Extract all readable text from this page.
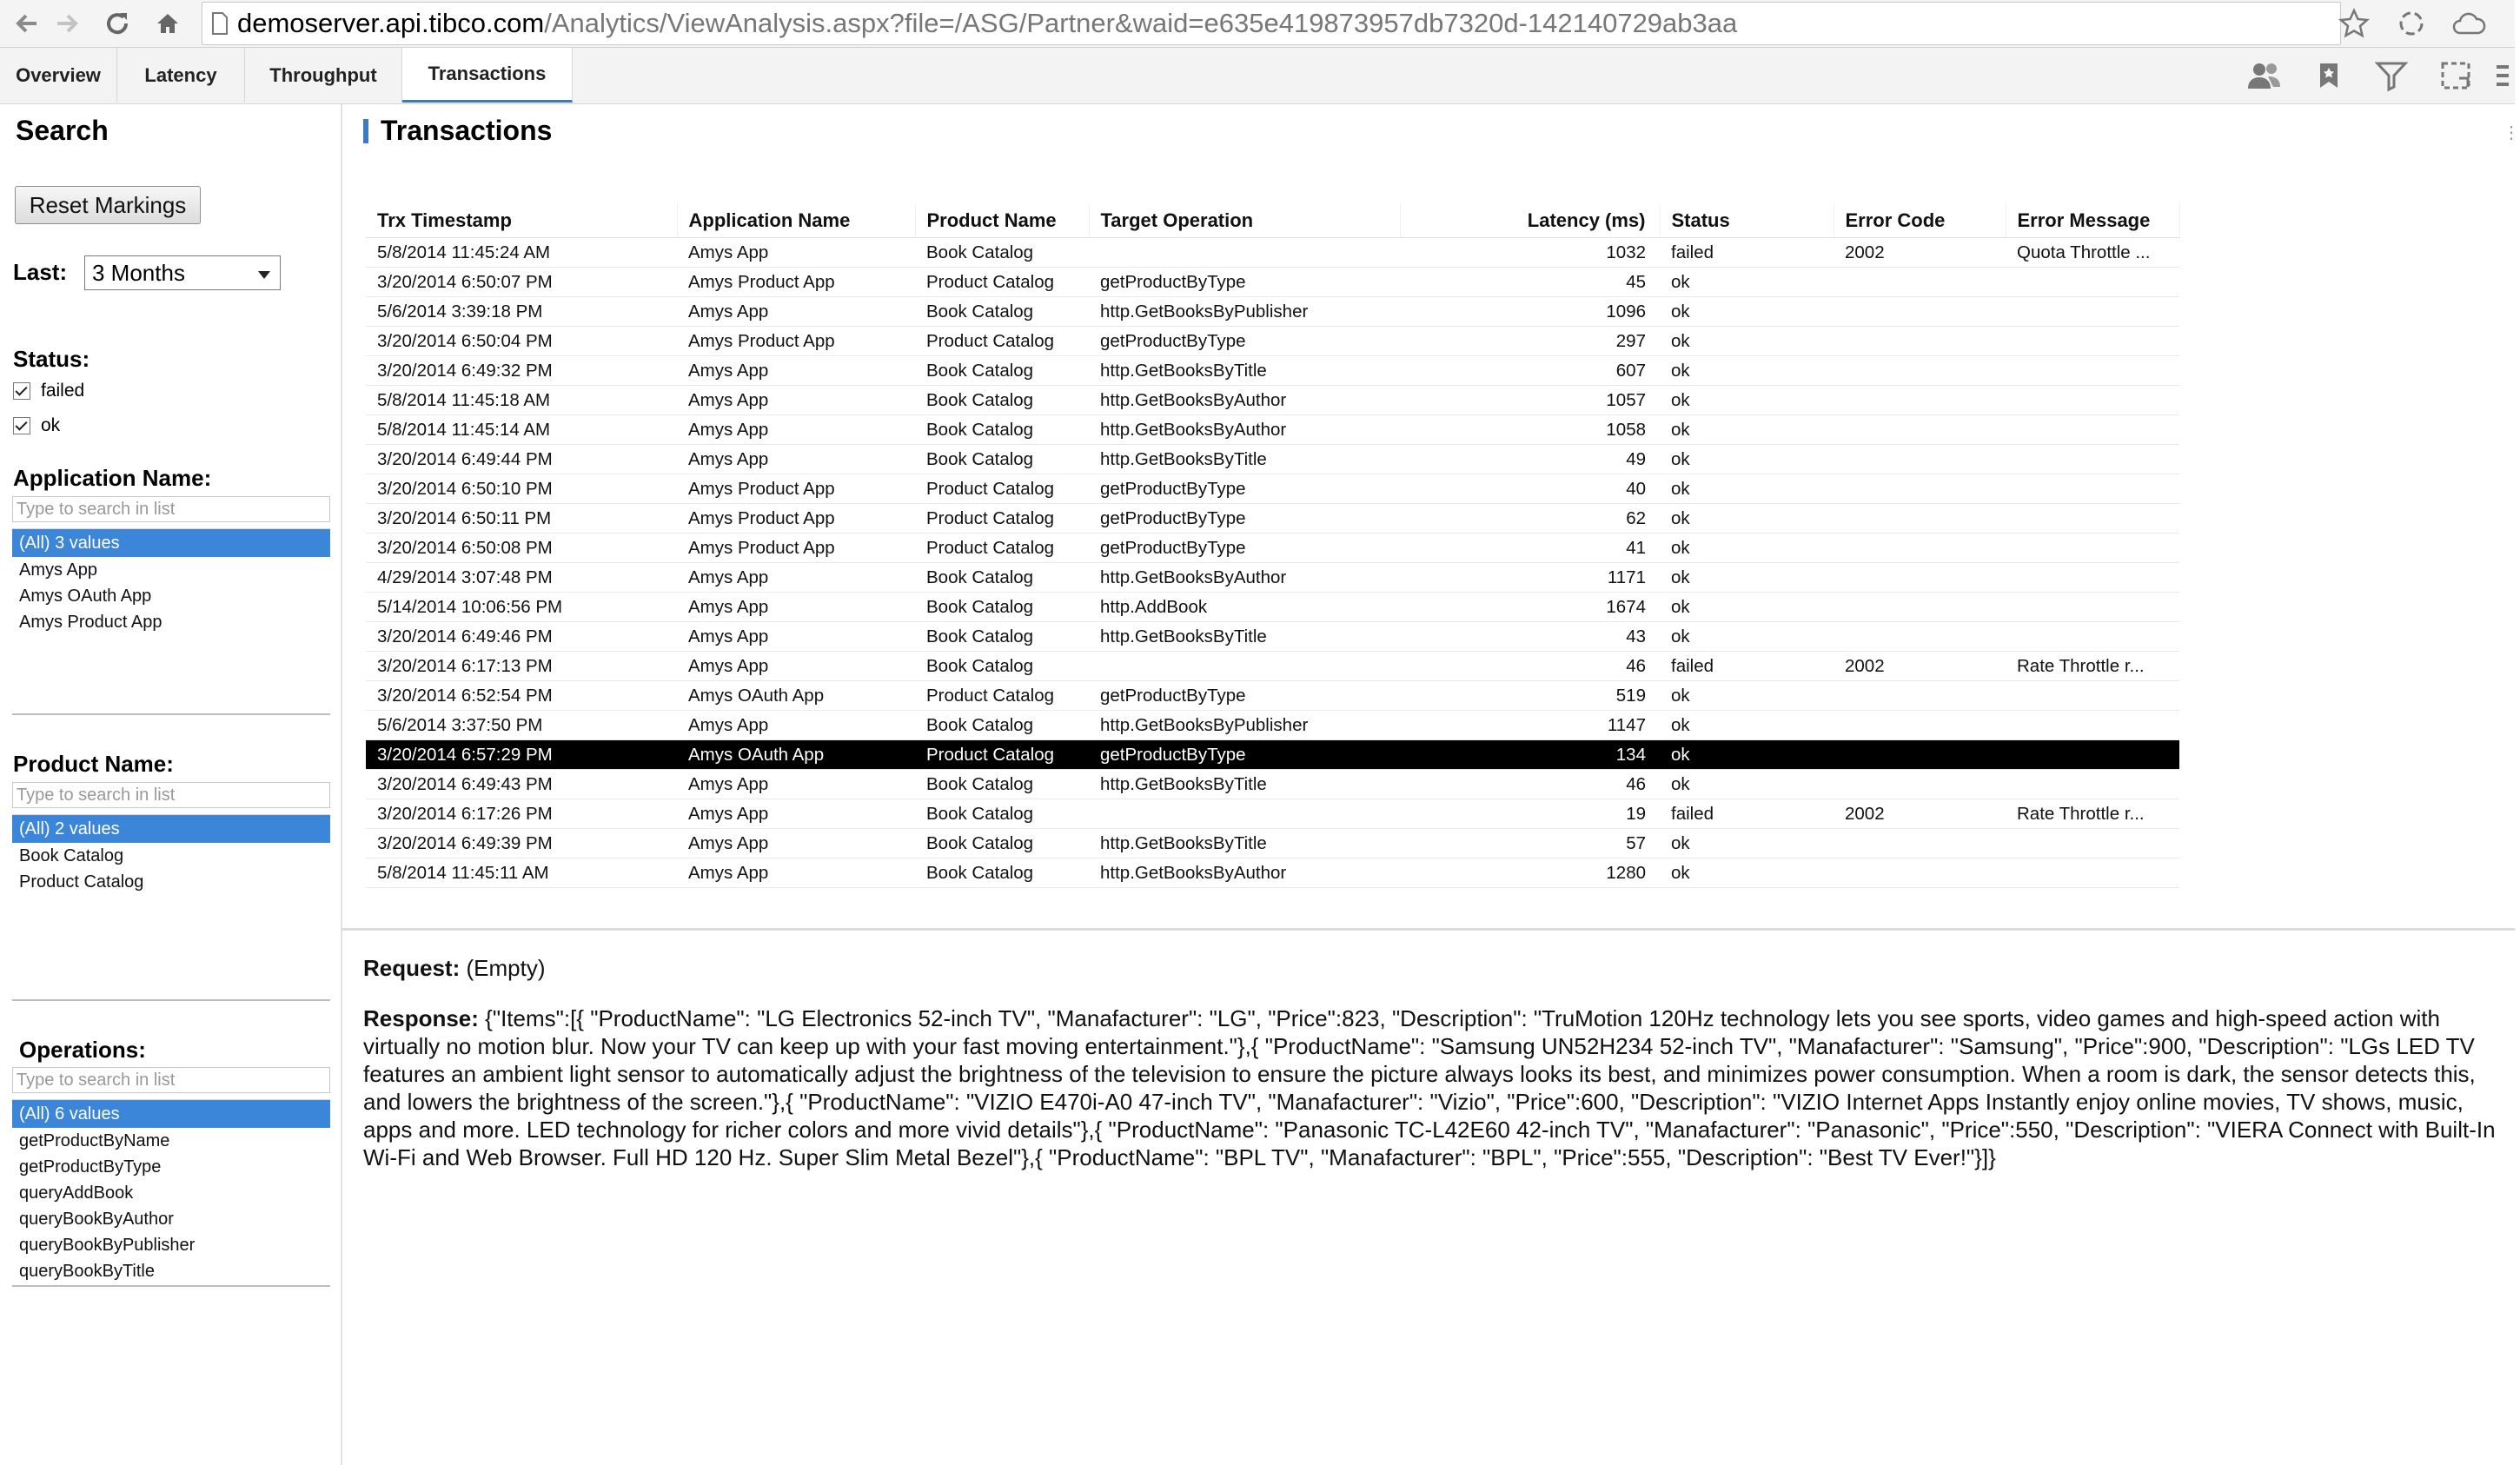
demoserver.api.tibco.com/Analytics/ViewAnalysis.aspx?file=/ASG/Partner&waid=e635e419873957db7320d-142140729ab3aa
Overview	Latency	Throughput	Transactions
Search
Reset Markings
Last: 3 Months
Status:
failed
ok
Application Name:
Type to search in list
(All) 3 values
Amys App
Amys OAuth App
Amys Product App
Product Name:
Type to search in list
(All) 2 values
Book Catalog
Product Catalog
Operations:
Type to search in list
(All) 6 values
getProductByName
getProductByType
queryAddBook
queryBookByAuthor
queryBookByPublisher
queryBookByTitle
Transactions	⋮
Trx Timestamp	Application Name	Product Name	Target Operation	Latency (ms)	Status	Error Code	Error Message
5/8/2014 11:45:24 AM	Amys App	Book Catalog		1032	failed	2002	Quota Throttle ...
3/20/2014 6:50:07 PM	Amys Product App	Product Catalog	getProductByType	45	ok		
5/6/2014 3:39:18 PM	Amys App	Book Catalog	http.GetBooksByPublisher	1096	ok		
3/20/2014 6:50:04 PM	Amys Product App	Product Catalog	getProductByType	297	ok		
3/20/2014 6:49:32 PM	Amys App	Book Catalog	http.GetBooksByTitle	607	ok		
5/8/2014 11:45:18 AM	Amys App	Book Catalog	http.GetBooksByAuthor	1057	ok		
5/8/2014 11:45:14 AM	Amys App	Book Catalog	http.GetBooksByAuthor	1058	ok		
3/20/2014 6:49:44 PM	Amys App	Book Catalog	http.GetBooksByTitle	49	ok		
3/20/2014 6:50:10 PM	Amys Product App	Product Catalog	getProductByType	40	ok		
3/20/2014 6:50:11 PM	Amys Product App	Product Catalog	getProductByType	62	ok		
3/20/2014 6:50:08 PM	Amys Product App	Product Catalog	getProductByType	41	ok		
4/29/2014 3:07:48 PM	Amys App	Book Catalog	http.GetBooksByAuthor	1171	ok		
5/14/2014 10:06:56 PM	Amys App	Book Catalog	http.AddBook	1674	ok		
3/20/2014 6:49:46 PM	Amys App	Book Catalog	http.GetBooksByTitle	43	ok		
3/20/2014 6:17:13 PM	Amys App	Book Catalog		46	failed	2002	Rate Throttle r...
3/20/2014 6:52:54 PM	Amys OAuth App	Product Catalog	getProductByType	519	ok		
5/6/2014 3:37:50 PM	Amys App	Book Catalog	http.GetBooksByPublisher	1147	ok		
3/20/2014 6:57:29 PM	Amys OAuth App	Product Catalog	getProductByType	134	ok		
3/20/2014 6:49:43 PM	Amys App	Book Catalog	http.GetBooksByTitle	46	ok		
3/20/2014 6:17:26 PM	Amys App	Book Catalog		19	failed	2002	Rate Throttle r...
3/20/2014 6:49:39 PM	Amys App	Book Catalog	http.GetBooksByTitle	57	ok		
5/8/2014 11:45:11 AM	Amys App	Book Catalog	http.GetBooksByAuthor	1280	ok		
Request: (Empty)
Response: {"Items":[{ "ProductName": "LG Electronics 52-inch TV", "Manafacturer": "LG", "Price":823, "Description": "TruMotion 120Hz technology lets you see sports, video games and high-speed action with virtually no motion blur. Now your TV can keep up with your fast moving entertainment."},{ "ProductName": "Samsung UN52H234 52-inch TV", "Manafacturer": "Samsung", "Price":900, "Description": "LGs LED TV features an ambient light sensor to automatically adjust the brightness of the television to ensure the picture always looks its best, and minimizes power consumption. When a room is dark, the sensor detects this, and lowers the brightness of the screen."},{ "ProductName": "VIZIO E470i-A0 47-inch TV", "Manafacturer": "Vizio", "Price":600, "Description": "VIZIO Internet Apps Instantly enjoy online movies, TV shows, music, apps and more. LED technology for richer colors and more vivid details"},{ "ProductName": "Panasonic TC-L42E60 42-inch TV", "Manafacturer": "Panasonic", "Price":550, "Description": "VIERA Connect with Built-In Wi-Fi and Web Browser. Full HD 120 Hz. Super Slim Metal Bezel"},{ "ProductName": "BPL TV", "Manafacturer": "BPL", "Price":555, "Description": "Best TV Ever!"}]}
